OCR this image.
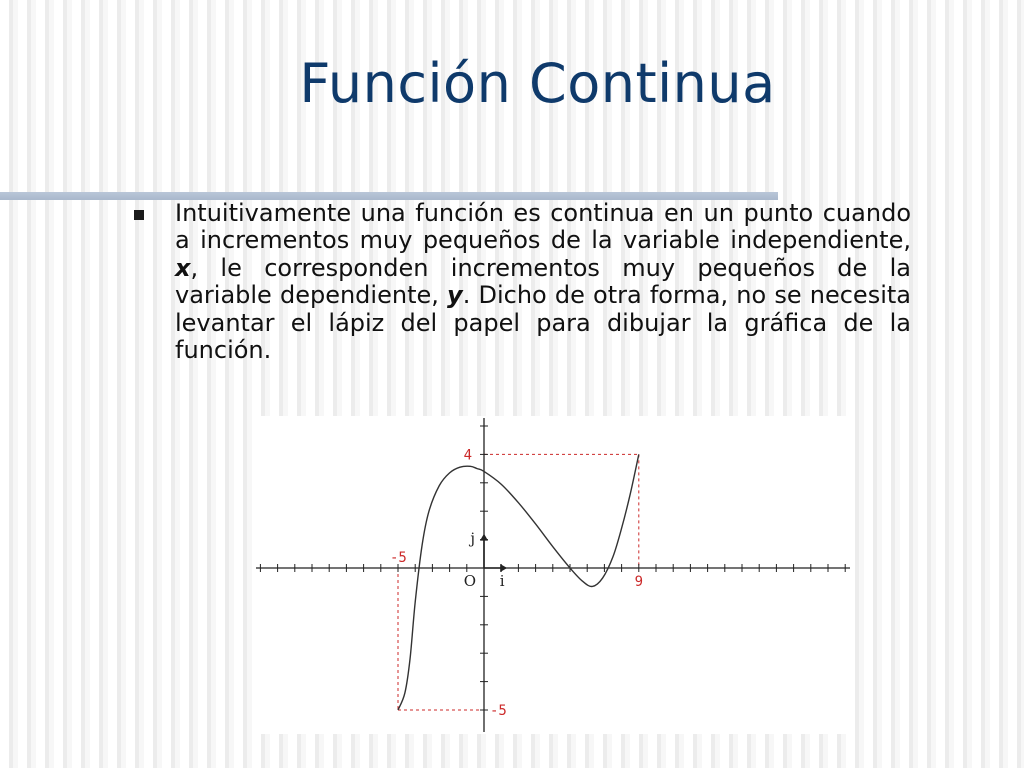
Función Continua

Intuitivamente una función es continua en un punto cuando a incrementos muy pequeños de la variable independiente, x, le corresponden incrementos muy pequeños de la variable dependiente, y. Dicho de otra forma, no se necesita levantar el lápiz del papel para dibujar la gráfica de la función.

-5
9
4
-5
O i
j
